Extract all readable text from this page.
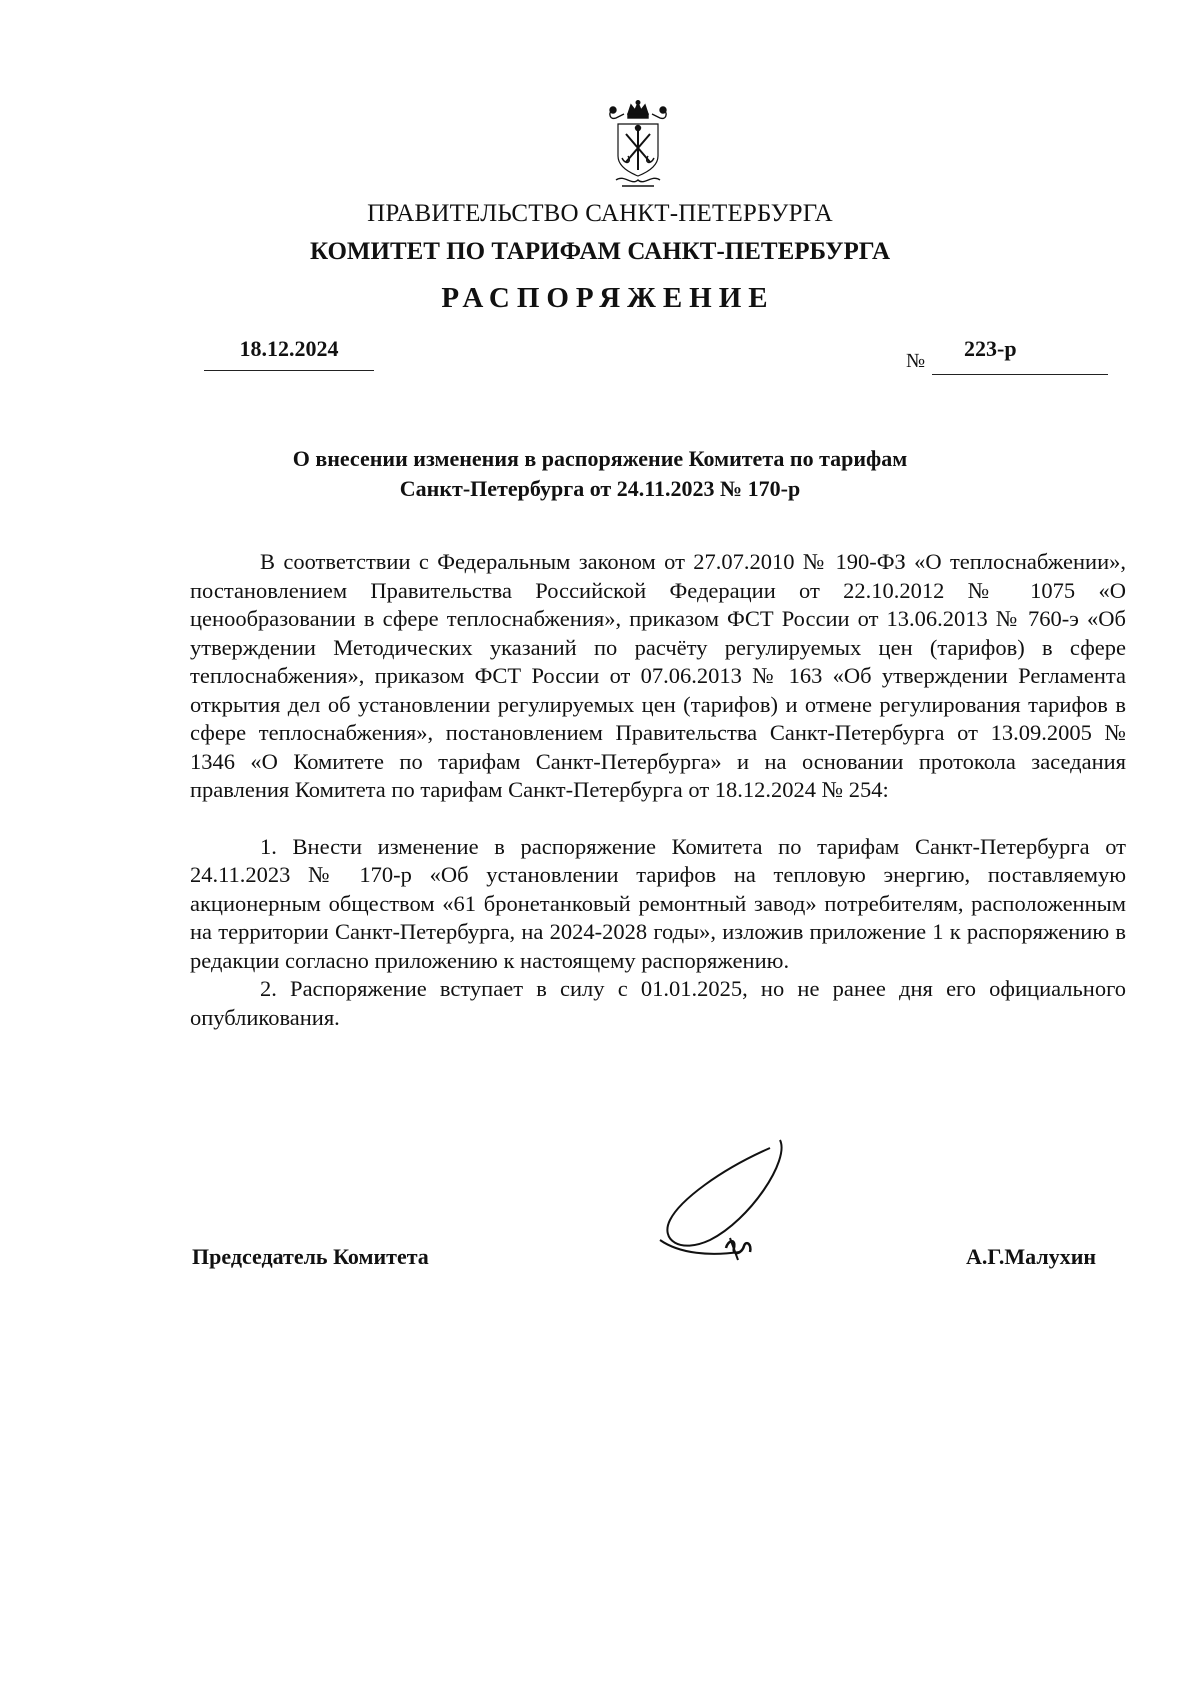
ПРАВИТЕЛЬСТВО САНКТ-ПЕТЕРБУРГА
КОМИТЕТ ПО ТАРИФАМ САНКТ-ПЕТЕРБУРГА
РАСПОРЯЖЕНИЕ
18.12.2024	№ 223-р
О внесении изменения в распоряжение Комитета по тарифам
Санкт-Петербурга от 24.11.2023 № 170-р

В соответствии с Федеральным законом от 27.07.2010 № 190-ФЗ «О теплоснабжении», постановлением Правительства Российской Федерации от 22.10.2012 № 1075 «О ценообразовании в сфере теплоснабжения», приказом ФСТ России от 13.06.2013 № 760-э «Об утверждении Методических указаний по расчёту регулируемых цен (тарифов) в сфере теплоснабжения», приказом ФСТ России от 07.06.2013 № 163 «Об утверждении Регламента открытия дел об установлении регулируемых цен (тарифов) и отмене регулирования тарифов в сфере теплоснабжения», постановлением Правительства Санкт-Петербурга от 13.09.2005 № 1346 «О Комитете по тарифам Санкт-Петербурга» и на основании протокола заседания правления Комитета по тарифам Санкт-Петербурга от 18.12.2024 № 254:

1. Внести изменение в распоряжение Комитета по тарифам Санкт-Петербурга от 24.11.2023 № 170-р «Об установлении тарифов на тепловую энергию, поставляемую акционерным обществом «61 бронетанковый ремонтный завод» потребителям, расположенным на территории Санкт-Петербурга, на 2024-2028 годы», изложив приложение 1 к распоряжению в редакции согласно приложению к настоящему распоряжению.

2. Распоряжение вступает в силу с 01.01.2025, но не ранее дня его официального опубликования.

Председатель Комитета	А.Г.Малухин
